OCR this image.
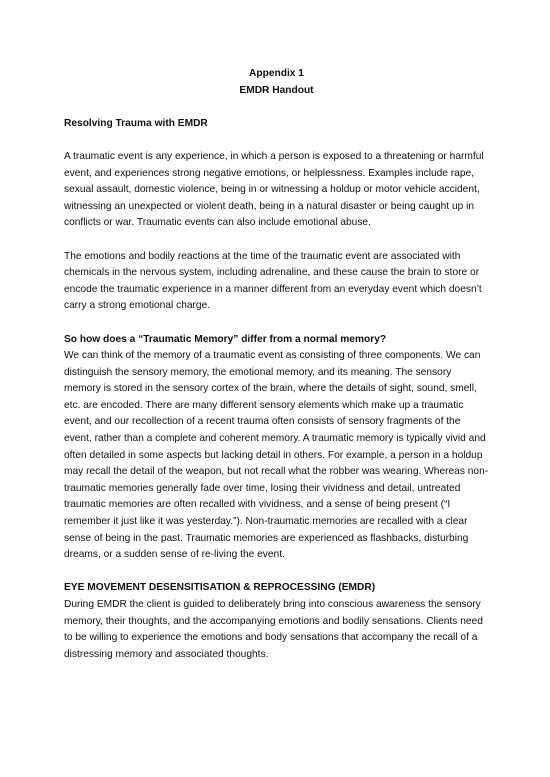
Appendix 1

EMDR Handout

Resolving Trauma with EMDR

A traumatic event is any experience, in which a person is exposed to a threatening or harmful event, and experiences strong negative emotions, or helplessness. Examples include rape, sexual assault, domestic violence, being in or witnessing a holdup or motor vehicle accident, witnessing an unexpected or violent death, being in a natural disaster or being caught up in conflicts or war. Traumatic events can also include emotional abuse.

The emotions and bodily reactions at the time of the traumatic event are associated with chemicals in the nervous system, including adrenaline, and these cause the brain to store or encode the traumatic experience in a manner different from an everyday event which doesn’t carry a strong emotional charge.

So how does a “Traumatic Memory” differ from a normal memory?

We can think of the memory of a traumatic event as consisting of three components. We can distinguish the sensory memory, the emotional memory, and its meaning. The sensory memory is stored in the sensory cortex of the brain, where the details of sight, sound, smell, etc. are encoded. There are many different sensory elements which make up a traumatic event, and our recollection of a recent trauma often consists of sensory fragments of the event, rather than a complete and coherent memory. A traumatic memory is typically vivid and often detailed in some aspects but lacking detail in others. For example, a person in a holdup may recall the detail of the weapon, but not recall what the robber was wearing. Whereas non-traumatic memories generally fade over time, losing their vividness and detail, untreated traumatic memories are often recalled with vividness, and a sense of being present (“I remember it just like it was yesterday.”). Non-traumatic memories are recalled with a clear sense of being in the past. Traumatic memories are experienced as flashbacks, disturbing dreams, or a sudden sense of re-living the event.

EYE MOVEMENT DESENSITISATION & REPROCESSING (EMDR)

During EMDR the client is guided to deliberately bring into conscious awareness the sensory memory, their thoughts, and the accompanying emotions and bodily sensations. Clients need to be willing to experience the emotions and body sensations that accompany the recall of a distressing memory and associated thoughts.
